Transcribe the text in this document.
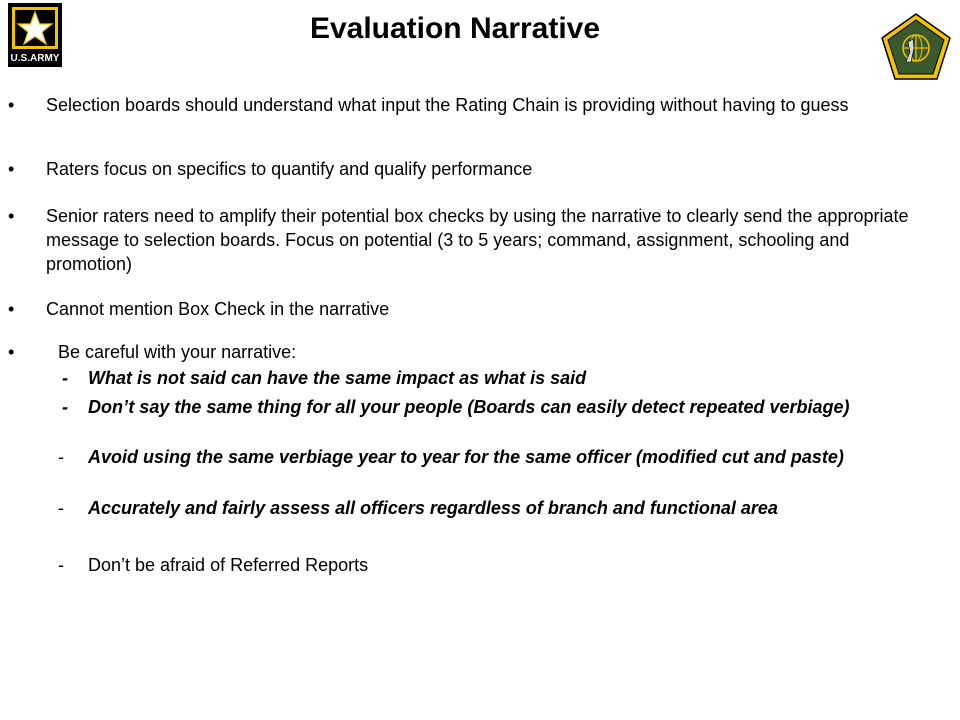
U.S.ARMY
Evaluation Narrative
•	Selection boards should understand what input the Rating Chain is providing without having to guess
•	Raters focus on specifics to quantify and qualify performance
•	Senior raters need to amplify their potential box checks by using the narrative to clearly send the appropriate message to selection boards. Focus on potential (3 to 5 years; command, assignment, schooling and promotion)
•	Cannot mention Box Check in the narrative
•	Be careful with your narrative:
-	What is not said can have the same impact as what is said
-	Don’t say the same thing for all your people (Boards can easily detect repeated verbiage)
-	Avoid using the same verbiage year to year for the same officer (modified cut and paste)
-	Accurately and fairly assess all officers regardless of branch and functional area
-	Don’t be afraid of Referred Reports
